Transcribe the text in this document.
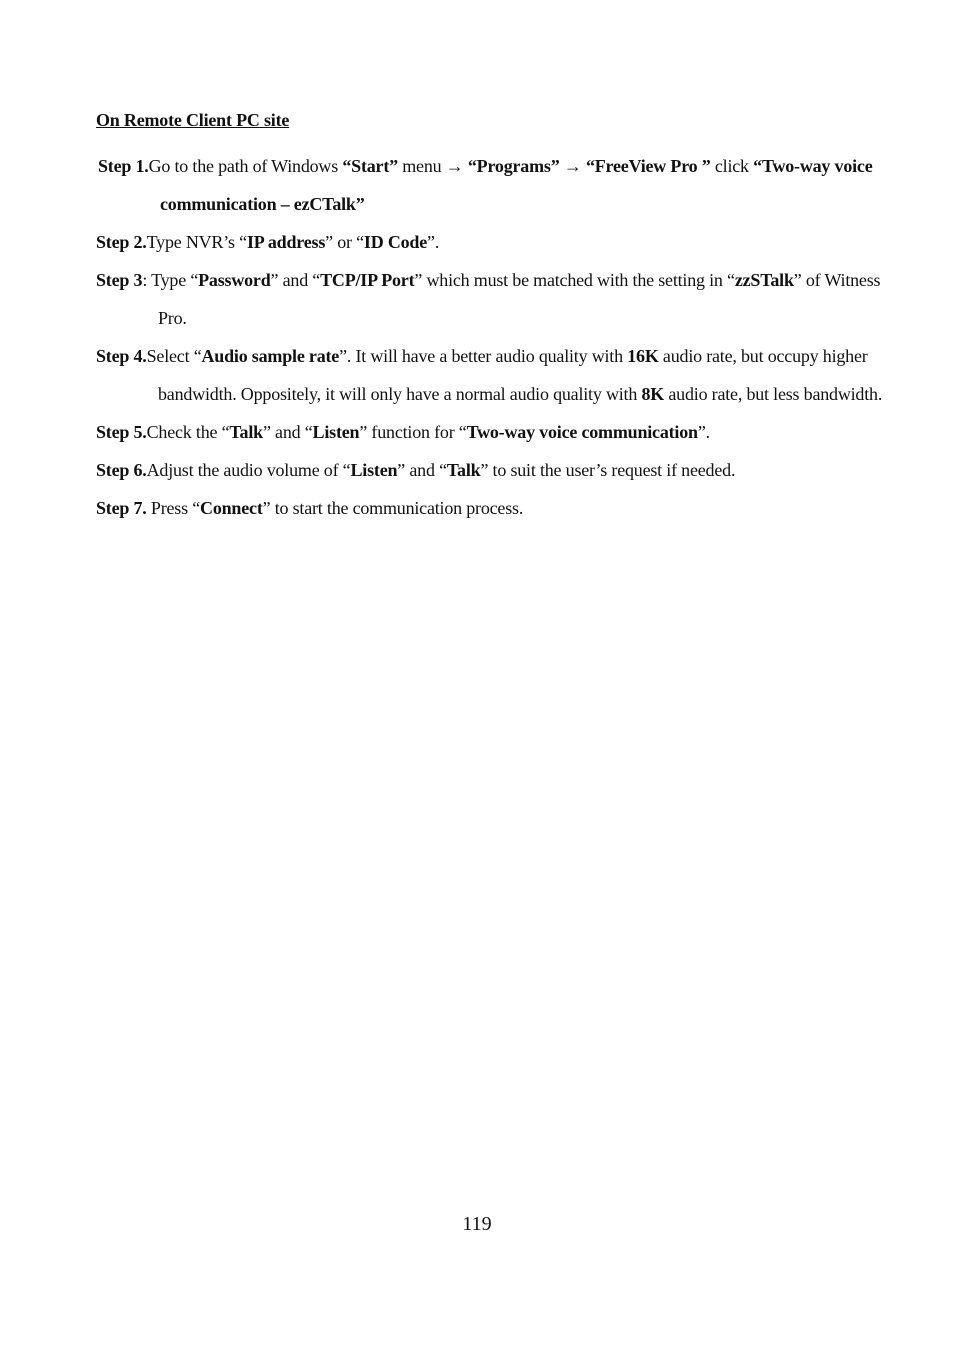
On Remote Client PC site

Step 1.Go to the path of Windows “Start” menu → “Programs” → “FreeView Pro ” click “Two-way voice communication – ezCTalk”

Step 2.Type NVR’s “IP address” or “ID Code”.

Step 3: Type “Password” and “TCP/IP Port” which must be matched with the setting in “zzSTalk” of Witness Pro.

Step 4.Select “Audio sample rate”. It will have a better audio quality with 16K audio rate, but occupy higher bandwidth. Oppositely, it will only have a normal audio quality with 8K audio rate, but less bandwidth.

Step 5.Check the “Talk” and “Listen” function for “Two-way voice communication”.

Step 6.Adjust the audio volume of “Listen” and “Talk” to suit the user’s request if needed.

Step 7. Press “Connect” to start the communication process.

119
